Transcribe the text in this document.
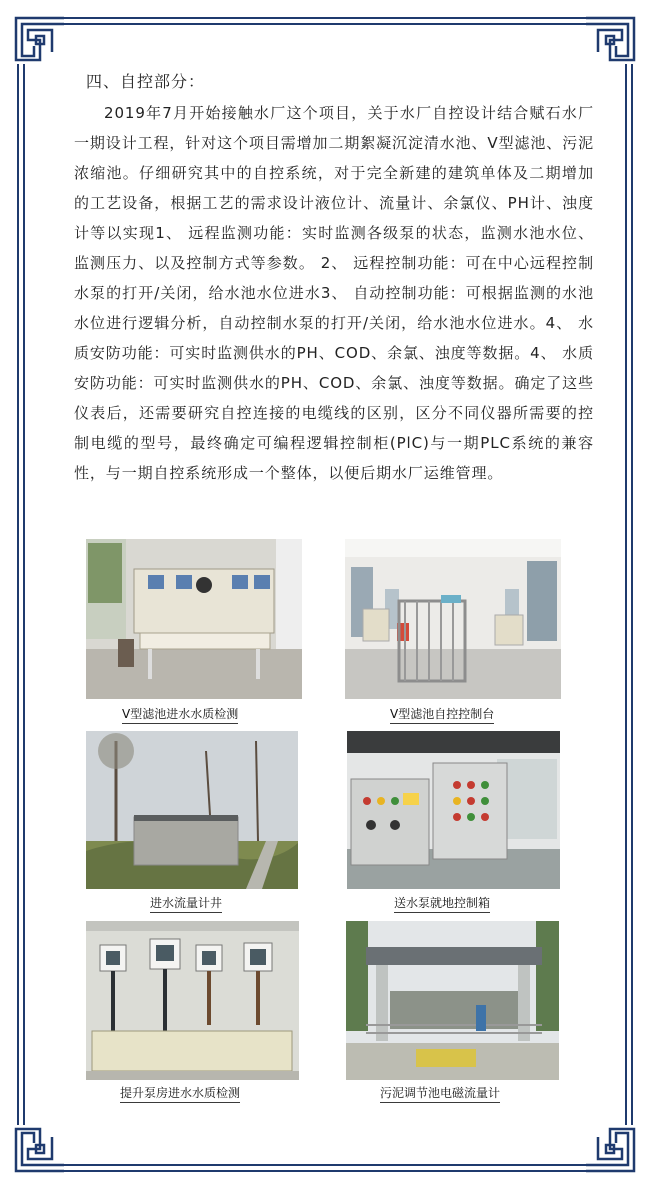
四、自控部分：

2019年7月开始接触水厂这个项目，关于水厂自控设计结合赋石水厂一期设计工程，针对这个项目需增加二期絮凝沉淀清水池、V型滤池、污泥浓缩池。仔细研究其中的自控系统，对于完全新建的建筑单体及二期增加的工艺设备，根据工艺的需求设计液位计、流量计、余氯仪、PH计、浊度计等以实现1、 远程监测功能：实时监测各级泵的状态，监测水池水位、监测压力、以及控制方式等参数。 2、 远程控制功能：可在中心远程控制水泵的打开/关闭，给水池水位进水3、 自动控制功能：可根据监测的水池水位进行逻辑分析，自动控制水泵的打开/关闭，给水池水位进水。4、 水质安防功能：可实时监测供水的PH、COD、余氯、浊度等数据。4、 水质安防功能：可实时监测供水的PH、COD、余氯、浊度等数据。确定了这些仪表后，还需要研究自控连接的电缆线的区别，区分不同仪器所需要的控制电缆的型号，最终确定可编程逻辑控制柜(PlC)与一期PLC系统的兼容性，与一期自控系统形成一个整体，以便后期水厂运维管理。

V型滤池进水水质检测	V型滤池自控控制台
进水流量计井	送水泵就地控制箱
提升泵房进水水质检测	污泥调节池电磁流量计
